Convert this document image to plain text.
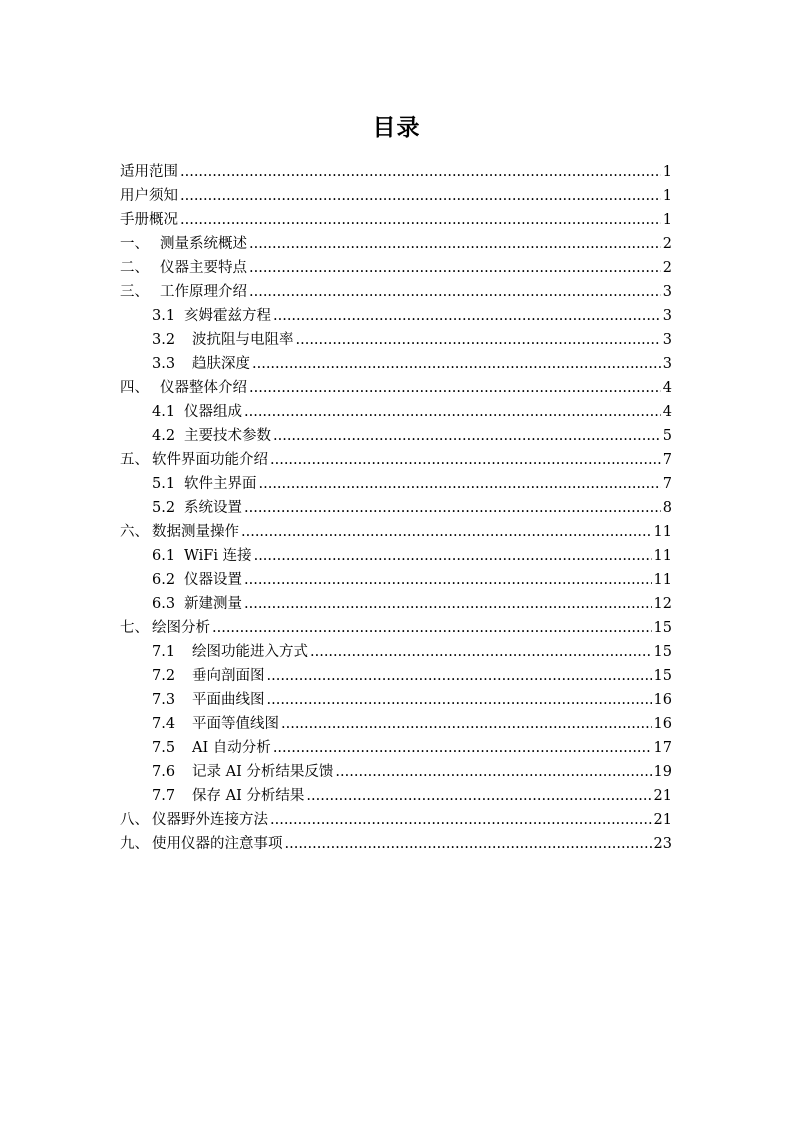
目录
适用范围 .....	1
用户须知 .....	1
手册概况 .....	1
一、 测量系统概述 .....	2
二、 仪器主要特点 .....	2
三、 工作原理介绍 .....	3
3.1 亥姆霍兹方程 .....	3
3.2	波抗阻与电阻率 .....	3
3.3	趋肤深度 .....	3
四、 仪器整体介绍 .....	4
4.1 仪器组成 .....	4
4.2 主要技术参数 .....	5
五、 软件界面功能介绍 .....	7
5.1 软件主界面 .....	7
5.2 系统设置 .....	8
六、 数据测量操作 .....	11
6.1 WiFi 连接 .....	11
6.2 仪器设置 .....	11
6.3 新建测量 .....	12
七、 绘图分析 .....	15
7.1	绘图功能进入方式 .....	15
7.2	垂向剖面图 .....	15
7.3	平面曲线图 .....	16
7.4	平面等值线图 .....	16
7.5	AI 自动分析 .....	17
7.6	记录 AI 分析结果反馈 .....	19
7.7	保存 AI 分析结果 .....	21
八、 仪器野外连接方法 .....	21
九、 使用仪器的注意事项 .....	23
